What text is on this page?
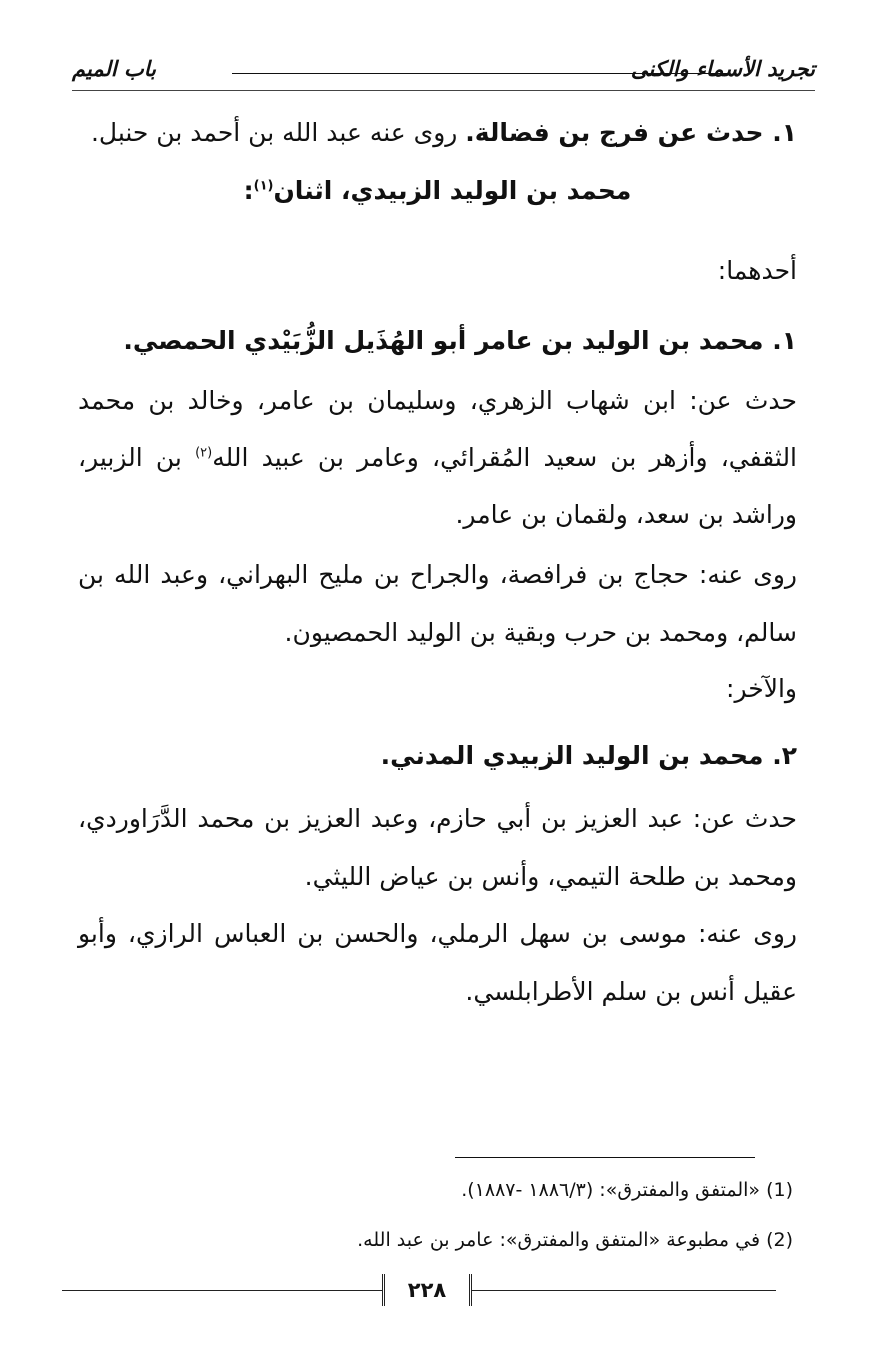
تجريد الأسماء والكنى
باب الميم
١. حدث عن فرج بن فضالة. روى عنه عبد الله بن أحمد بن حنبل.
محمد بن الوليد الزبيدي، اثنان$^{(١)}$:
أحدهما:
١. محمد بن الوليد بن عامر أبو الهُذَيل الزُّبَيْدي الحمصي.
حدث عن: ابن شهاب الزهري، وسليمان بن عامر، وخالد بن محمد الثقفي، وأزهر بن سعيد المُقرائي، وعامر بن عبيد الله$^{(٢)}$ بن الزبير، وراشد بن سعد، ولقمان بن عامر.
روى عنه: حجاج بن فرافصة، والجراح بن مليح البهراني، وعبد الله بن سالم، ومحمد بن حرب وبقية بن الوليد الحمصيون.
والآخر:
٢. محمد بن الوليد الزبيدي المدني.
حدث عن: عبد العزيز بن أبي حازم، وعبد العزيز بن محمد الدَّرَاوردي، ومحمد بن طلحة التيمي، وأنس بن عياض الليثي.
روى عنه: موسى بن سهل الرملي، والحسن بن العباس الرازي، وأبو عقيل أنس بن سلم الأطرابلسي.
(1) «المتفق والمفترق»: (١٨٨٦/٣ -١٨٨٧).
(2) في مطبوعة «المتفق والمفترق»: عامر بن عبد الله.
٢٢٨
